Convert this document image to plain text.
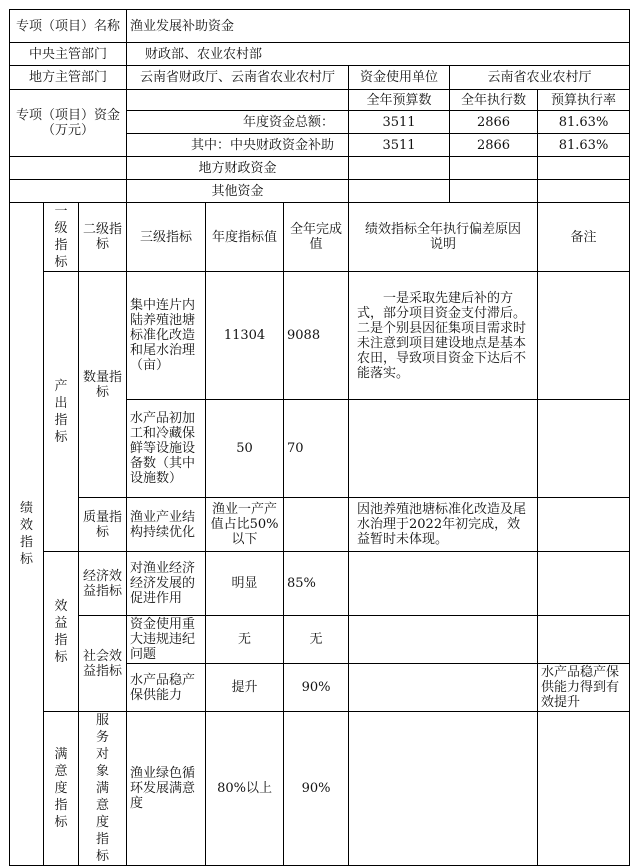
专项（项目）名称			渔业发展补助资金					
中央主管部门			财政部、农业农村部					
地方主管部门			云南省财政厅、云南省农业农村厅			资金使用单位	云南省农业农村厅	
专项（项目）资金（万元）						全年预算数	全年执行数	预算执行率
			年度资金总额：			3511	2866	81.63%
			其中：中央财政资金补助			3511	2866	81.63%
			地方财政资金					
			其他资金					
绩效指标	一级指标	二级指标	三级指标	年度指标值	全年完成值	绩效指标全年执行偏差原因说明		备注
	产出指标	数量指标	集中连片内陆养殖池塘标准化改造和尾水治理（亩）	11304	9088	一是采取先建后补的方式，部分项目资金支付滞后。

二是个别县因征集项目需求时未注意到项目建设地点是基本农田，导致项目资金下达后不能落实。		

			水产品初加工和冷藏保鲜等设施设备数（其中设施数）	50	70			
		质量指标	渔业产业结构持续优化	渔业一产产值占比50%以下		因池养殖池塘标准化改造及尾水治理于2022年初完成，效益暂时未体现。		
	效益指标	经济效益指标	对渔业经济经济发展的促进作用	明显	85%			
		社会效益指标	资金使用重大违规违纪问题	无	无			
			水产品稳产保供能力	提升	90%			水产品稳产保供能力得到有效提升
	满意度指标	服务对象满意度指标	渔业绿色循环发展满意度	80%以上	90%			
